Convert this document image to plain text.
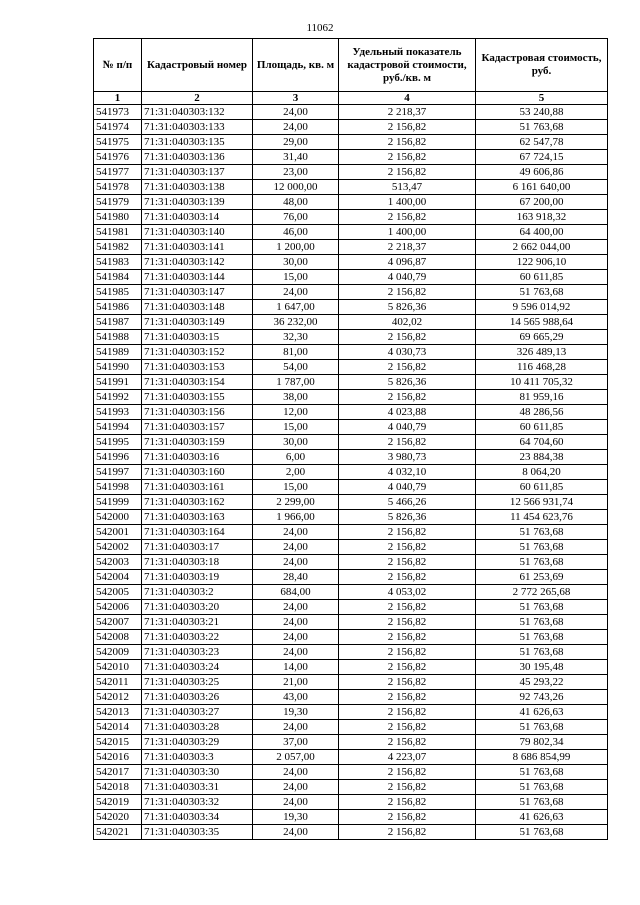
11062
№ п/п	Кадастровый номер	Площадь, кв. м	Удельный показатель кадастровой стоимости, руб./кв. м	Кадастровая стоимость, руб.
1	2	3	4	5
541973	71:31:040303:132	24,00	2 218,37	53 240,88
541974	71:31:040303:133	24,00	2 156,82	51 763,68
541975	71:31:040303:135	29,00	2 156,82	62 547,78
541976	71:31:040303:136	31,40	2 156,82	67 724,15
541977	71:31:040303:137	23,00	2 156,82	49 606,86
541978	71:31:040303:138	12 000,00	513,47	6 161 640,00
541979	71:31:040303:139	48,00	1 400,00	67 200,00
541980	71:31:040303:14	76,00	2 156,82	163 918,32
541981	71:31:040303:140	46,00	1 400,00	64 400,00
541982	71:31:040303:141	1 200,00	2 218,37	2 662 044,00
541983	71:31:040303:142	30,00	4 096,87	122 906,10
541984	71:31:040303:144	15,00	4 040,79	60 611,85
541985	71:31:040303:147	24,00	2 156,82	51 763,68
541986	71:31:040303:148	1 647,00	5 826,36	9 596 014,92
541987	71:31:040303:149	36 232,00	402,02	14 565 988,64
541988	71:31:040303:15	32,30	2 156,82	69 665,29
541989	71:31:040303:152	81,00	4 030,73	326 489,13
541990	71:31:040303:153	54,00	2 156,82	116 468,28
541991	71:31:040303:154	1 787,00	5 826,36	10 411 705,32
541992	71:31:040303:155	38,00	2 156,82	81 959,16
541993	71:31:040303:156	12,00	4 023,88	48 286,56
541994	71:31:040303:157	15,00	4 040,79	60 611,85
541995	71:31:040303:159	30,00	2 156,82	64 704,60
541996	71:31:040303:16	6,00	3 980,73	23 884,38
541997	71:31:040303:160	2,00	4 032,10	8 064,20
541998	71:31:040303:161	15,00	4 040,79	60 611,85
541999	71:31:040303:162	2 299,00	5 466,26	12 566 931,74
542000	71:31:040303:163	1 966,00	5 826,36	11 454 623,76
542001	71:31:040303:164	24,00	2 156,82	51 763,68
542002	71:31:040303:17	24,00	2 156,82	51 763,68
542003	71:31:040303:18	24,00	2 156,82	51 763,68
542004	71:31:040303:19	28,40	2 156,82	61 253,69
542005	71:31:040303:2	684,00	4 053,02	2 772 265,68
542006	71:31:040303:20	24,00	2 156,82	51 763,68
542007	71:31:040303:21	24,00	2 156,82	51 763,68
542008	71:31:040303:22	24,00	2 156,82	51 763,68
542009	71:31:040303:23	24,00	2 156,82	51 763,68
542010	71:31:040303:24	14,00	2 156,82	30 195,48
542011	71:31:040303:25	21,00	2 156,82	45 293,22
542012	71:31:040303:26	43,00	2 156,82	92 743,26
542013	71:31:040303:27	19,30	2 156,82	41 626,63
542014	71:31:040303:28	24,00	2 156,82	51 763,68
542015	71:31:040303:29	37,00	2 156,82	79 802,34
542016	71:31:040303:3	2 057,00	4 223,07	8 686 854,99
542017	71:31:040303:30	24,00	2 156,82	51 763,68
542018	71:31:040303:31	24,00	2 156,82	51 763,68
542019	71:31:040303:32	24,00	2 156,82	51 763,68
542020	71:31:040303:34	19,30	2 156,82	41 626,63
542021	71:31:040303:35	24,00	2 156,82	51 763,68
